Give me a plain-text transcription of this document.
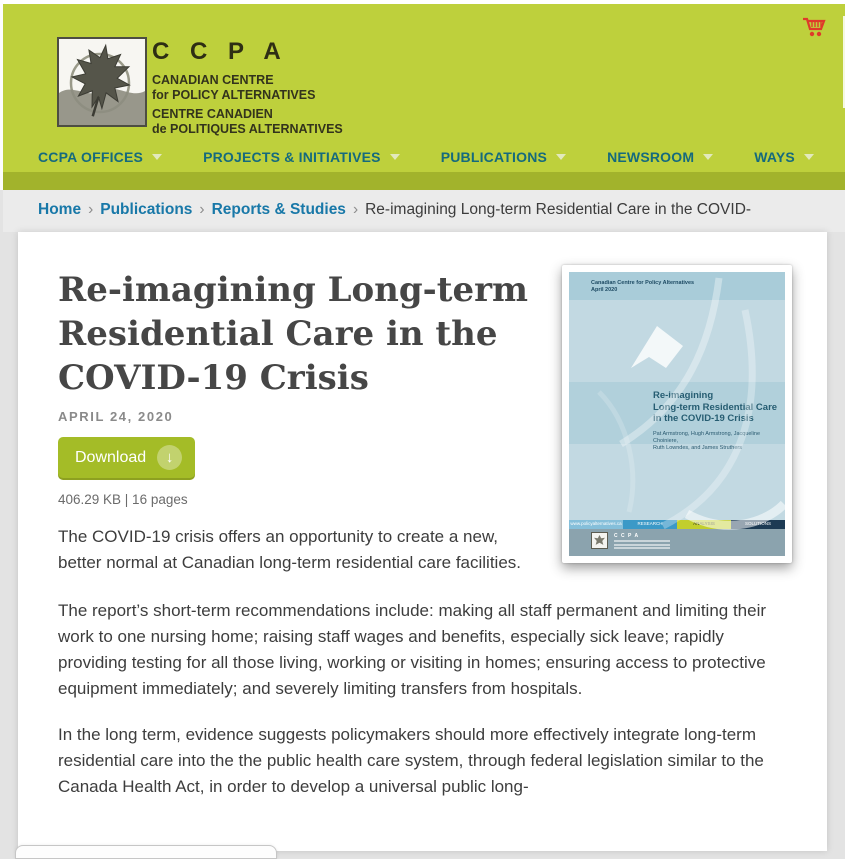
C C P A
CANADIAN CENTRE
for POLICY ALTERNATIVES
CENTRE CANADIEN
de POLITIQUES ALTERNATIVES
CCPA OFFICES	PROJECTS & INITIATIVES	PUBLICATIONS	NEWSROOM	WAYS
Home › Publications › Reports & Studies › Re-imagining Long-term Residential Care in the COVID-
Re-imagining Long-term Residential Care in the COVID-19 Crisis
APRIL 24, 2020
Download ↓
406.29 KB | 16 pages

The COVID-19 crisis offers an opportunity to create a new, better normal at Canadian long-term residential care facilities.

The report’s short-term recommendations include: making all staff permanent and limiting their work to one nursing home; raising staff wages and benefits, especially sick leave; rapidly providing testing for all those living, working or visiting in homes; ensuring access to protective equipment immediately; and severely limiting transfers from hospitals.

In the long term, evidence suggests policymakers should more effectively integrate long-term residential care into the the public health care system, through federal legislation similar to the Canada Health Act, in order to develop a universal public long-

Canadian Centre for Policy Alternatives
April 2020
Re-imagining
Long-term Residential Care
in the COVID-19 Crisis
Pat Armstrong, Hugh Armstrong, Jacqueline Choiniere,
Ruth Lowndes, and James Struthers
www.policyalternatives.ca	RESEARCH	ANALYSIS	SOLUTIONS
C C P A
